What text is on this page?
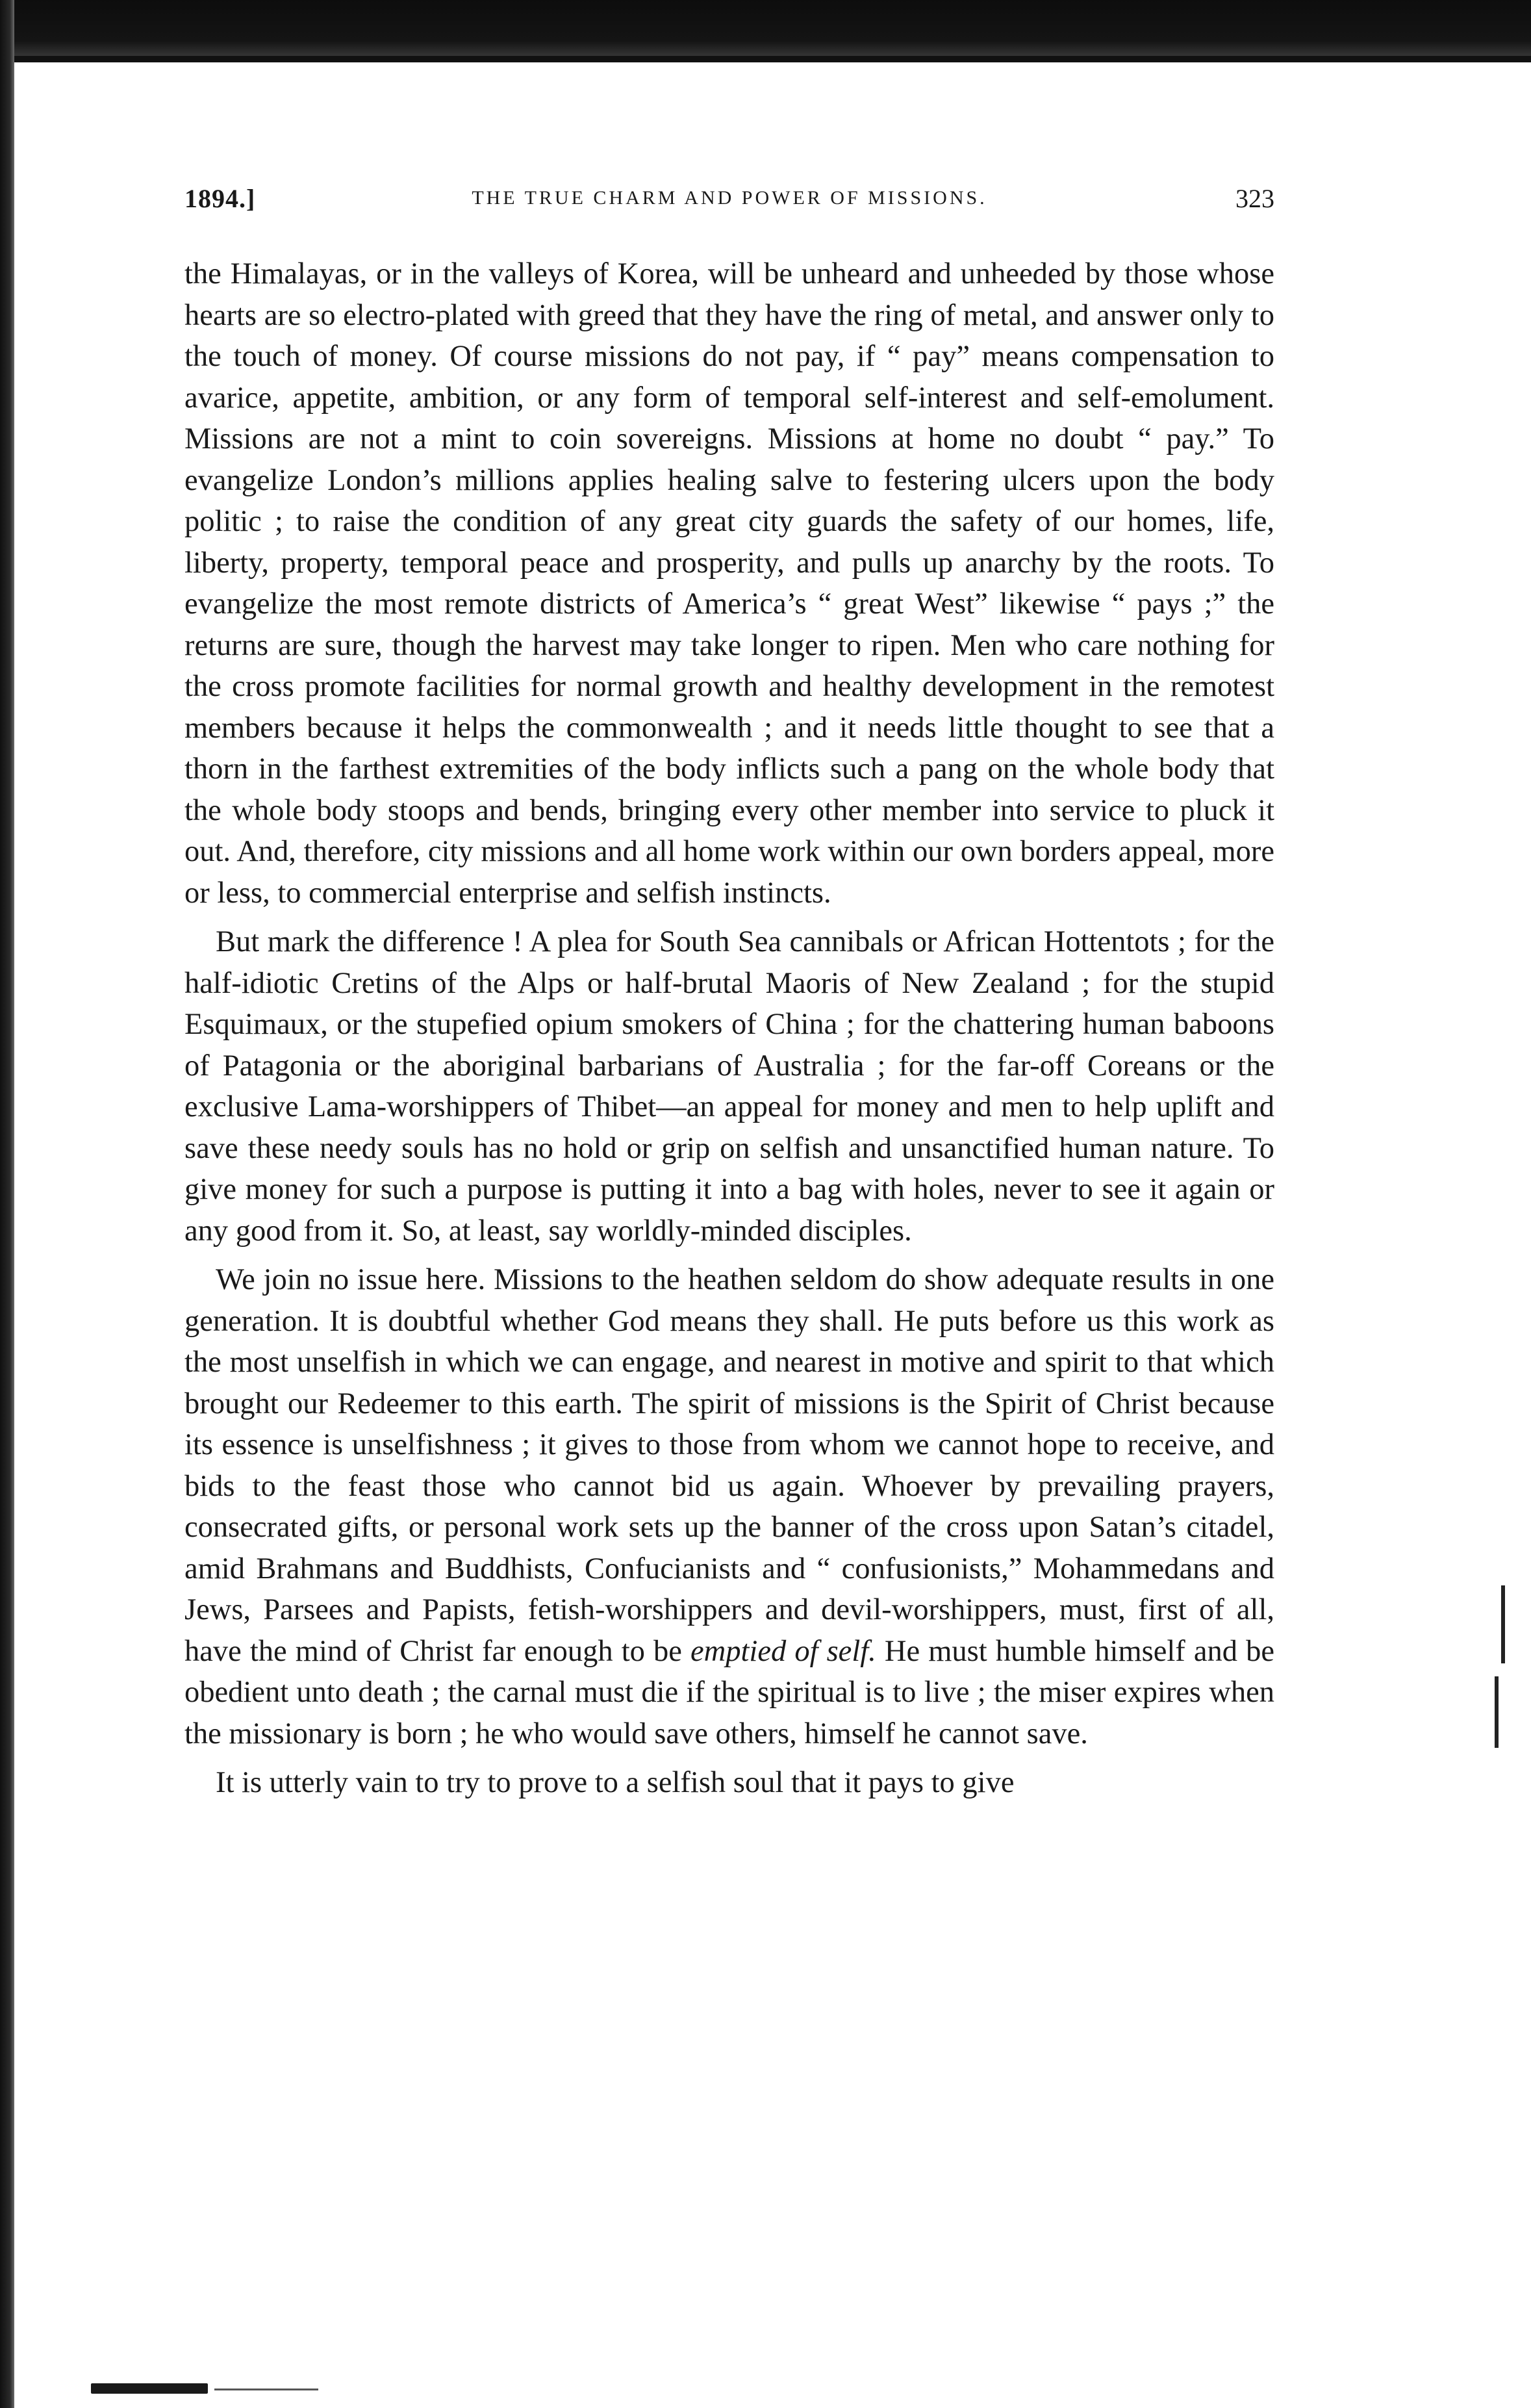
1894.]	THE TRUE CHARM AND POWER OF MISSIONS.	323

the Himalayas, or in the valleys of Korea, will be unheard and unheeded by those whose hearts are so electro-plated with greed that they have the ring of metal, and answer only to the touch of money. Of course missions do not pay, if “ pay” means compensation to avarice, appetite, ambition, or any form of temporal self-interest and self-emolument. Missions are not a mint to coin sovereigns. Missions at home no doubt “ pay.” To evangelize London’s millions applies healing salve to festering ulcers upon the body politic ; to raise the condition of any great city guards the safety of our homes, life, liberty, property, temporal peace and prosperity, and pulls up anarchy by the roots. To evangelize the most remote districts of America’s “ great West” likewise “ pays ;” the returns are sure, though the harvest may take longer to ripen. Men who care nothing for the cross promote facilities for normal growth and healthy development in the remotest members because it helps the commonwealth ; and it needs little thought to see that a thorn in the farthest extremities of the body inflicts such a pang on the whole body that the whole body stoops and bends, bringing every other member into service to pluck it out. And, therefore, city missions and all home work within our own borders appeal, more or less, to commercial enterprise and selfish instincts.

But mark the difference ! A plea for South Sea cannibals or African Hottentots ; for the half-idiotic Cretins of the Alps or half-brutal Maoris of New Zealand ; for the stupid Esquimaux, or the stupefied opium smokers of China ; for the chattering human baboons of Patagonia or the aboriginal barbarians of Australia ; for the far-off Coreans or the exclusive Lama-worshippers of Thibet—an appeal for money and men to help uplift and save these needy souls has no hold or grip on selfish and unsanctified human nature. To give money for such a purpose is putting it into a bag with holes, never to see it again or any good from it. So, at least, say worldly-minded disciples.

We join no issue here. Missions to the heathen seldom do show adequate results in one generation. It is doubtful whether God means they shall. He puts before us this work as the most unselfish in which we can engage, and nearest in motive and spirit to that which brought our Redeemer to this earth. The spirit of missions is the Spirit of Christ because its essence is unselfishness ; it gives to those from whom we cannot hope to receive, and bids to the feast those who cannot bid us again. Whoever by prevailing prayers, consecrated gifts, or personal work sets up the banner of the cross upon Satan’s citadel, amid Brahmans and Buddhists, Confucianists and “ confusionists,” Mohammedans and Jews, Parsees and Papists, fetish-worshippers and devil-worshippers, must, first of all, have the mind of Christ far enough to be emptied of self. He must humble himself and be obedient unto death ; the carnal must die if the spiritual is to live ; the miser expires when the missionary is born ; he who would save others, himself he cannot save.

It is utterly vain to try to prove to a selfish soul that it pays to give
